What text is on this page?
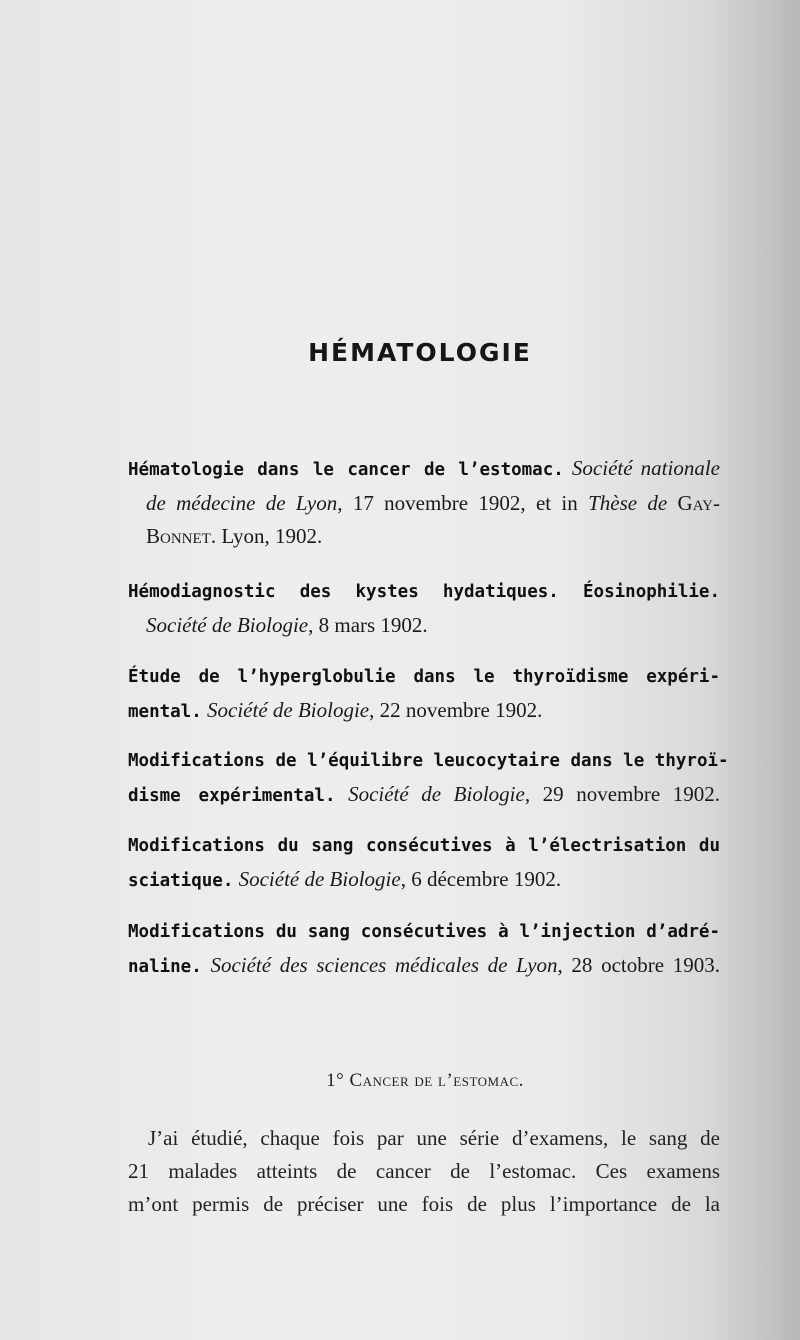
HÉMATOLOGIE
Hématologie dans le cancer de l’estomac. Société nationale
de médecine de Lyon, 17 novembre 1902, et in Thèse de Gay-
Bonnet. Lyon, 1902.
Hémodiagnostic des kystes hydatiques. Éosinophilie.
Société de Biologie, 8 mars 1902.
Étude de l’hyperglobulie dans le thyroïdisme expéri-
mental. Société de Biologie, 22 novembre 1902.
Modifications de l’équilibre leucocytaire dans le thyroï-
disme expérimental. Société de Biologie, 29 novembre 1902.
Modifications du sang consécutives à l’électrisation du
sciatique. Société de Biologie, 6 décembre 1902.
Modifications du sang consécutives à l’injection d’adré-
naline. Société des sciences médicales de Lyon, 28 octobre 1903.
1° Cancer de l’estomac.
J’ai étudié, chaque fois par une série d’examens, le sang de
21 malades atteints de cancer de l’estomac. Ces examens
m’ont permis de préciser une fois de plus l’importance de la
